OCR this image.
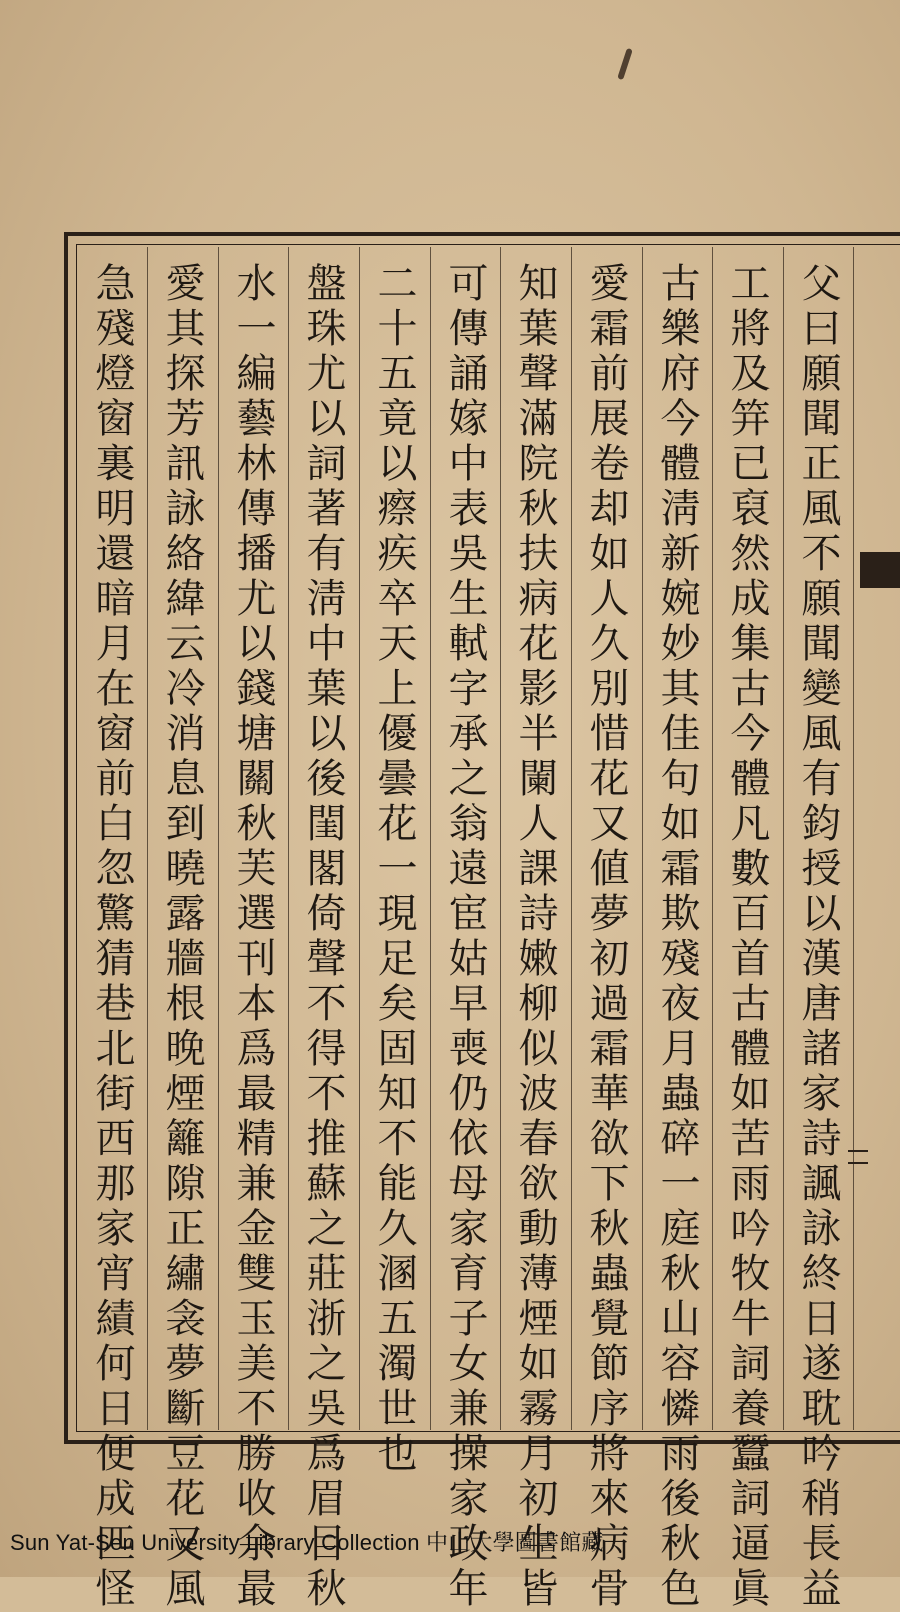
父曰願聞正風不願聞變風有鈞授以漢唐諸家詩諷詠終日遂耽吟稍長益
工將及笄已裒然成集古今體凡數百首古體如苦雨吟牧牛詞養蠶詞逼眞
古樂府今體淸新婉妙其佳句如霜欺殘夜月蟲碎一庭秋山容憐雨後秋色
愛霜前展卷却如人久別惜花又値夢初過霜華欲下秋蟲覺節序將來病骨
知葉聲滿院秋扶病花影半闌人課詩嫩柳似波春欲動薄煙如霧月初生皆
可傳誦嫁中表吳生軾字承之翁遠宦姑早喪仍依母家育子女兼操家政年
二十五竟以瘵疾卒天上優曇花一現足矣固知不能久溷五濁世也
盤珠尤以詞著有淸中葉以後閨閣倚聲不得不推蘇之莊浙之吳爲眉目秋
水一編藝林傳播尤以錢塘關秋芙選刊本爲最精兼金雙玉美不勝收余最
愛其探芳訊詠絡緯云冷消息到曉露牆根晚煙籬隙正繡衾夢斷豆花又風
急殘燈窗裏明還暗月在窗前白忽驚猜巷北街西那家宵績何日便成匹怪
Sun Yat-Sen University Library Collection 中山大學圖書館藏
